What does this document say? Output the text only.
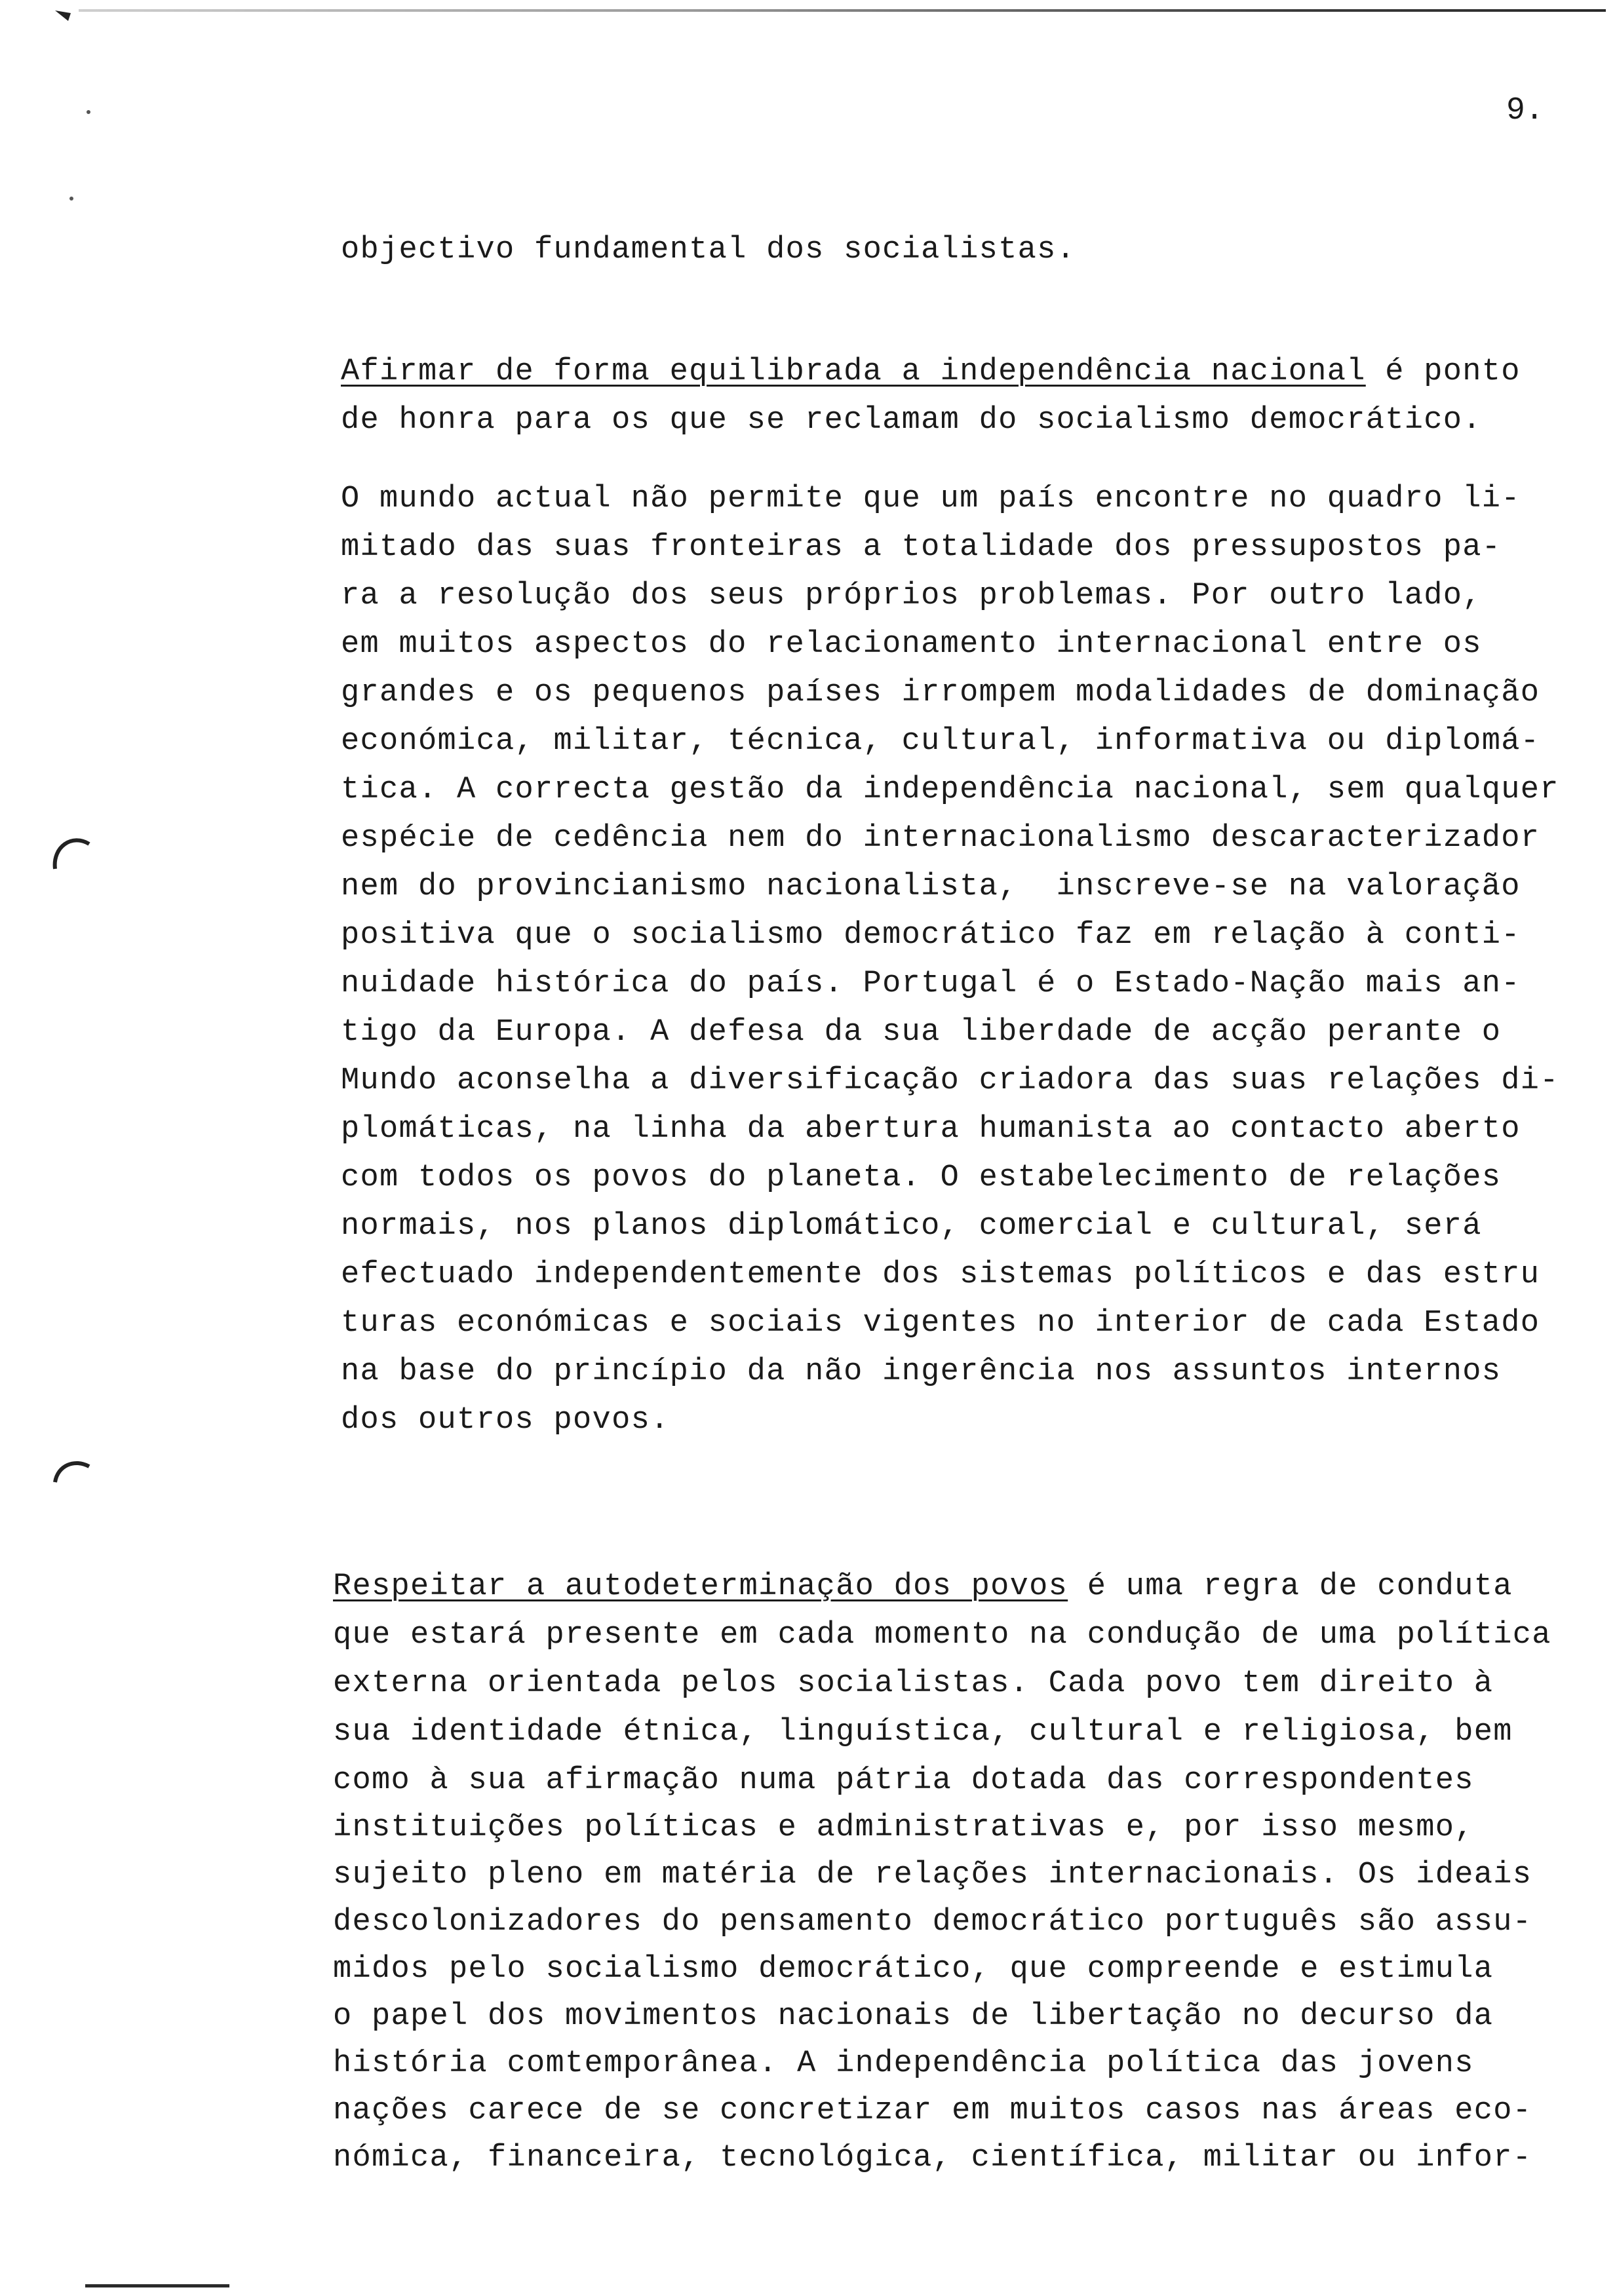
9.
objectivo fundamental dos socialistas.
Afirmar de forma equilibrada a independência nacional é ponto
de honra para os que se reclamam do socialismo democrático.
O mundo actual não permite que um país encontre no quadro li-
mitado das suas fronteiras a totalidade dos pressupostos pa-
ra a resolução dos seus próprios problemas. Por outro lado,
em muitos aspectos do relacionamento internacional entre os
grandes e os pequenos países irrompem modalidades de dominação
económica, militar, técnica, cultural, informativa ou diplomá-
tica. A correcta gestão da independência nacional, sem qualquer
espécie de cedência nem do internacionalismo descaracterizador
nem do provincianismo nacionalista,  inscreve-se na valoração
positiva que o socialismo democrático faz em relação à conti-
nuidade histórica do país. Portugal é o Estado-Nação mais an-
tigo da Europa. A defesa da sua liberdade de acção perante o
Mundo aconselha a diversificação criadora das suas relações di-
plomáticas, na linha da abertura humanista ao contacto aberto
com todos os povos do planeta. O estabelecimento de relações
normais, nos planos diplomático, comercial e cultural, será
efectuado independentemente dos sistemas políticos e das estru
turas económicas e sociais vigentes no interior de cada Estado
na base do princípio da não ingerência nos assuntos internos
dos outros povos.
Respeitar a autodeterminação dos povos é uma regra de conduta
que estará presente em cada momento na condução de uma política
externa orientada pelos socialistas. Cada povo tem direito à
sua identidade étnica, linguística, cultural e religiosa, bem
como à sua afirmação numa pátria dotada das correspondentes
instituições políticas e administrativas e, por isso mesmo,
sujeito pleno em matéria de relações internacionais. Os ideais
descolonizadores do pensamento democrático português são assu-
midos pelo socialismo democrático, que compreende e estimula
o papel dos movimentos nacionais de libertação no decurso da
história comtemporânea. A independência política das jovens
nações carece de se concretizar em muitos casos nas áreas eco-
nómica, financeira, tecnológica, científica, militar ou infor-
